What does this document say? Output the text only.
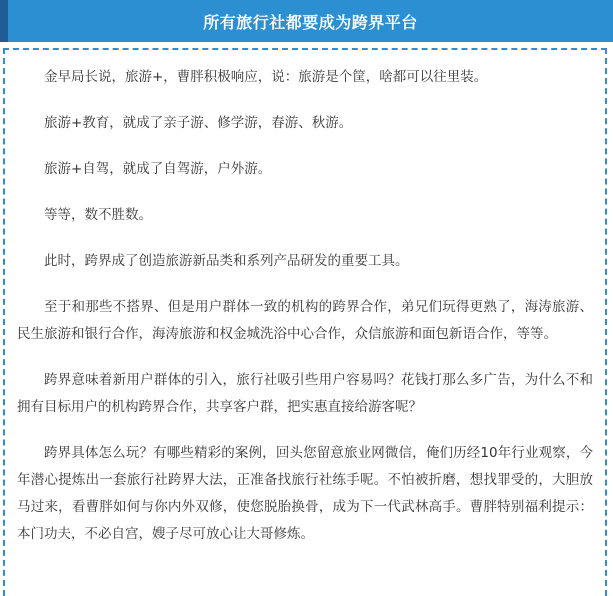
所有旅行社都要成为跨界平台

金早局长说，旅游+，曹胖积极响应，说：旅游是个筐，啥都可以往里装。

旅游+教育，就成了亲子游、修学游，春游、秋游。

旅游+自驾，就成了自驾游，户外游。

等等，数不胜数。

此时，跨界成了创造旅游新品类和系列产品研发的重要工具。

至于和那些不搭界、但是用户群体一致的机构的跨界合作，弟兄们玩得更熟了，海涛旅游、民生旅游和银行合作，海涛旅游和权金城洗浴中心合作，众信旅游和面包新语合作，等等。

跨界意味着新用户群体的引入，旅行社吸引些用户容易吗？花钱打那么多广告，为什么不和拥有目标用户的机构跨界合作，共享客户群，把实惠直接给游客呢？

跨界具体怎么玩？有哪些精彩的案例，回头您留意旅业网微信，俺们历经10年行业观察，今年潜心提炼出一套旅行社跨界大法，正准备找旅行社练手呢。不怕被折磨，想找罪受的，大胆放马过来，看曹胖如何与你内外双修，使您脱胎换骨，成为下一代武林高手。曹胖特别福利提示：本门功夫，不必自宫，嫂子尽可放心让大哥修炼。
